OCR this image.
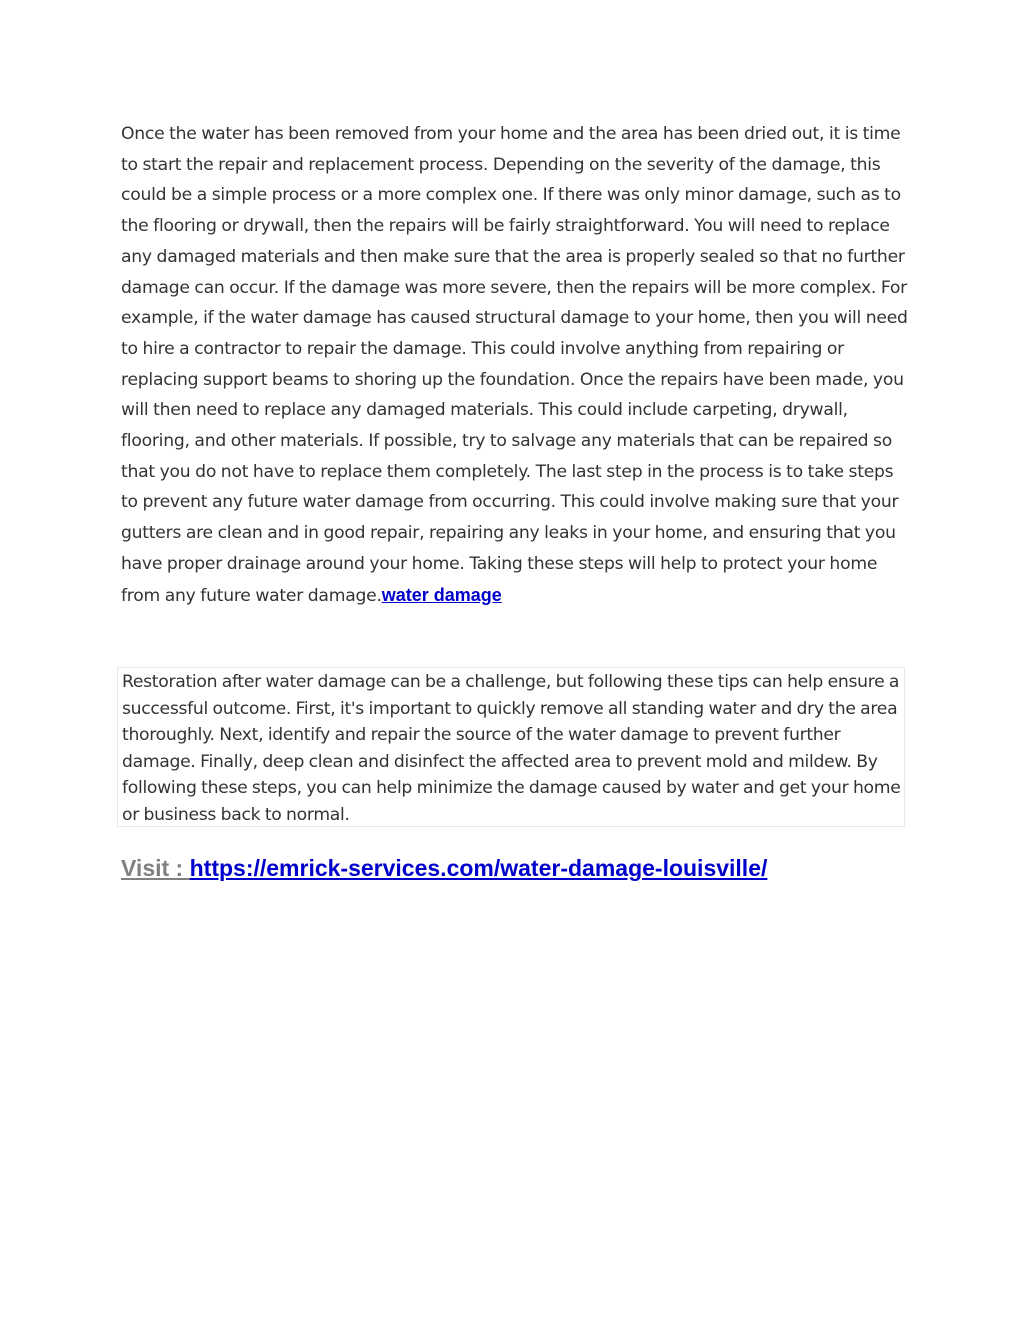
Once the water has been removed from your home and the area has been dried out, it is time to start the repair and replacement process. Depending on the severity of the damage, this could be a simple process or a more complex one. If there was only minor damage, such as to the flooring or drywall, then the repairs will be fairly straightforward. You will need to replace any damaged materials and then make sure that the area is properly sealed so that no further damage can occur. If the damage was more severe, then the repairs will be more complex. For example, if the water damage has caused structural damage to your home, then you will need to hire a contractor to repair the damage. This could involve anything from repairing or replacing support beams to shoring up the foundation. Once the repairs have been made, you will then need to replace any damaged materials. This could include carpeting, drywall, flooring, and other materials. If possible, try to salvage any materials that can be repaired so that you do not have to replace them completely. The last step in the process is to take steps to prevent any future water damage from occurring. This could involve making sure that your gutters are clean and in good repair, repairing any leaks in your home, and ensuring that you have proper drainage around your home. Taking these steps will help to protect your home from any future water damage.water damage

Restoration after water damage can be a challenge, but following these tips can help ensure a successful outcome. First, it's important to quickly remove all standing water and dry the area thoroughly. Next, identify and repair the source of the water damage to prevent further damage. Finally, deep clean and disinfect the affected area to prevent mold and mildew. By following these steps, you can help minimize the damage caused by water and get your home or business back to normal.

Visit : https://emrick-services.com/water-damage-louisville/
